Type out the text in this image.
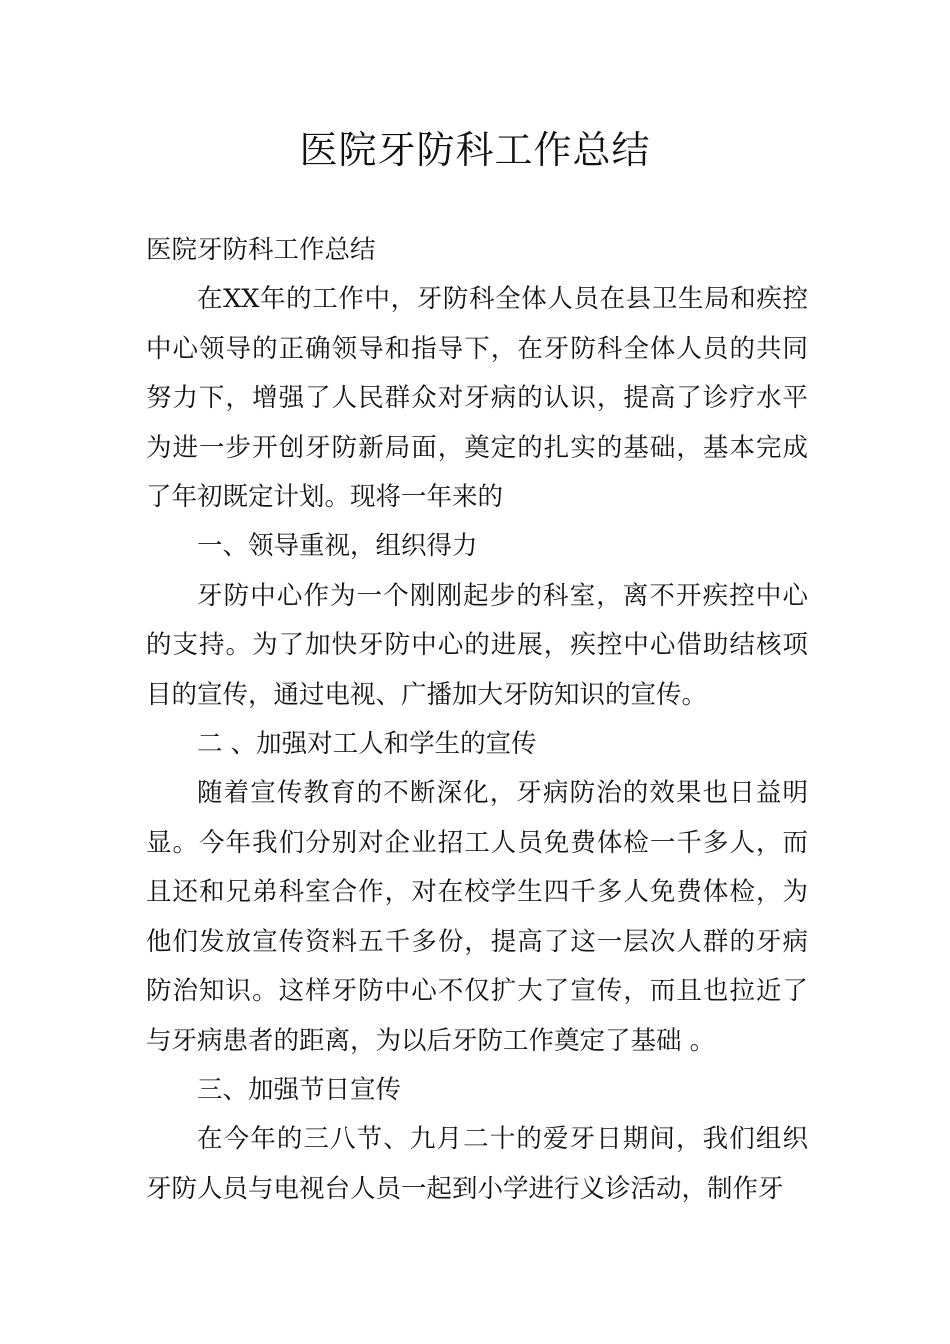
医院牙防科工作总结

医院牙防科工作总结

在XX年的工作中，牙防科全体人员在县卫生局和疾控中心领导的正确领导和指导下，在牙防科全体人员的共同努力下，增强了人民群众对牙病的认识，提高了诊疗水平为进一步开创牙防新局面，奠定的扎实的基础，基本完成了年初既定计划。现将一年来的

一、领导重视，组织得力

牙防中心作为一个刚刚起步的科室，离不开疾控中心的支持。为了加快牙防中心的进展，疾控中心借助结核项目的宣传，通过电视、广播加大牙防知识的宣传。

二 、加强对工人和学生的宣传

随着宣传教育的不断深化，牙病防治的效果也日益明显。今年我们分别对企业招工人员免费体检一千多人，而且还和兄弟科室合作，对在校学生四千多人免费体检，为他们发放宣传资料五千多份，提高了这一层次人群的牙病防治知识。这样牙防中心不仅扩大了宣传，而且也拉近了与牙病患者的距离，为以后牙防工作奠定了基础 。

三、加强节日宣传

在今年的三八节、九月二十的爱牙日期间，我们组织牙防人员与电视台人员一起到小学进行义诊活动，制作牙
